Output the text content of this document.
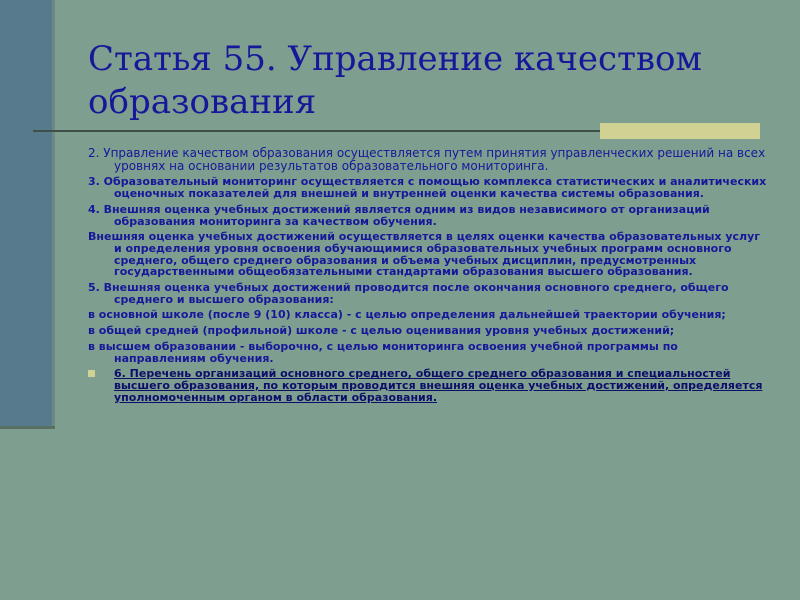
Статья 55. Управление качеством образования

2. Управление качеством образования осуществляется путем принятия управленческих решений на всех уровнях на основании результатов образовательного мониторинга.

3. Образовательный мониторинг осуществляется с помощью комплекса статистических и аналитических оценочных показателей для внешней и внутренней оценки качества системы образования.

4. Внешняя оценка учебных достижений является одним из видов независимого от организаций образования мониторинга за качеством обучения.

Внешняя оценка учебных достижений осуществляется в целях оценки качества образовательных услуг и определения уровня освоения обучающимися образовательных учебных программ основного среднего, общего среднего образования и объема учебных дисциплин, предусмотренных государственными общеобязательными стандартами образования высшего образования.

5. Внешняя оценка учебных достижений проводится после окончания основного среднего, общего среднего и высшего образования:

в основной школе (после 9 (10) класса) - с целью определения дальнейшей траектории обучения;

в общей средней (профильной) школе - с целью оценивания уровня учебных достижений;

в высшем образовании - выборочно, с целью мониторинга освоения учебной программы по направлениям обучения.

6. Перечень организаций основного среднего, общего среднего образования и специальностей высшего образования, по которым проводится внешняя оценка учебных достижений, определяется уполномоченным органом в области образования.
